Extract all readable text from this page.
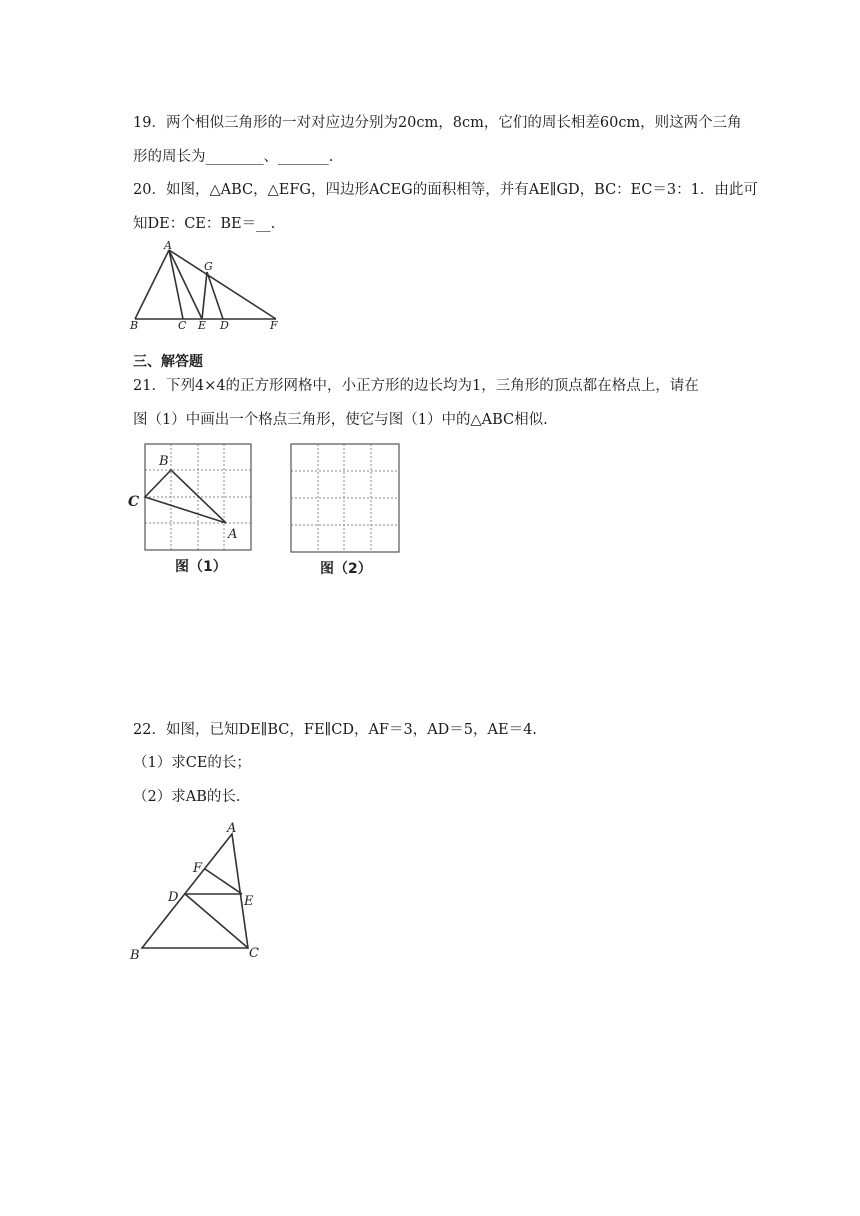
19．两个相似三角形的一对对应边分别为20cm，8cm，它们的周长相差60cm，则这两个三角
形的周长为________、_______.
20．如图，△ABC，△EFG，四边形ACEG的面积相等，并有AE∥GD，BC：EC＝3：1．由此可
知DE：CE：BE＝__.
A
G
B	C E D	F
三、解答题
21．下列4×4的正方形网格中，小正方形的边长均为1，三角形的顶点都在格点上，请在
图（1）中画出一个格点三角形，使它与图（1）中的△ABC相似.
B
C
A
图（1）	图（2）
22．如图，已知DE∥BC，FE∥CD，AF＝3，AD＝5，AE＝4.
（1）求CE的长；
（2）求AB的长.
A
F
D	E
B	C
